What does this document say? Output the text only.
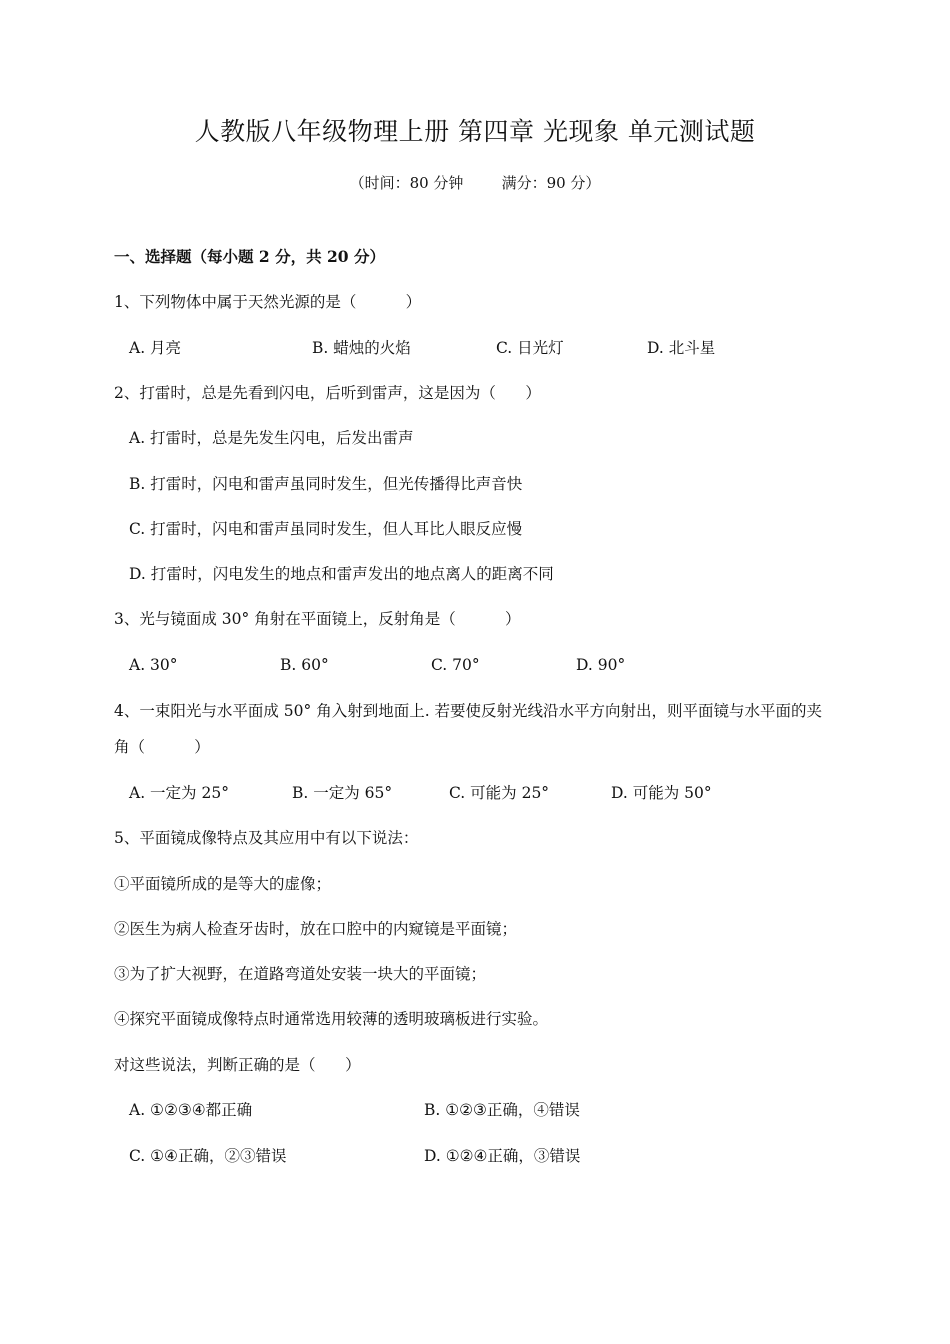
人教版八年级物理上册 第四章 光现象 单元测试题
（时间：80 分钟        满分：90 分）
一、选择题（每小题 2 分，共 20 分）
1、下列物体中属于天然光源的是（          ）
A. 月亮	B. 蜡烛的火焰	C. 日光灯	D. 北斗星
2、打雷时，总是先看到闪电，后听到雷声，这是因为（      ）
A. 打雷时，总是先发生闪电，后发出雷声
B. 打雷时，闪电和雷声虽同时发生，但光传播得比声音快
C. 打雷时，闪电和雷声虽同时发生，但人耳比人眼反应慢
D. 打雷时，闪电发生的地点和雷声发出的地点离人的距离不同
3、光与镜面成 30° 角射在平面镜上，反射角是（          ）
A. 30°	B. 60°	C. 70°	D. 90°
4、一束阳光与水平面成 50° 角入射到地面上. 若要使反射光线沿水平方向射出，则平面镜与水平面的夹
角（          ）
A. 一定为 25°	B. 一定为 65°	C. 可能为 25°	D. 可能为 50°
5、平面镜成像特点及其应用中有以下说法：
①平面镜所成的是等大的虚像；
②医生为病人检查牙齿时，放在口腔中的内窥镜是平面镜；
③为了扩大视野，在道路弯道处安装一块大的平面镜；
④探究平面镜成像特点时通常选用较薄的透明玻璃板进行实验。
对这些说法，判断正确的是（      ）
A. ①②③④都正确	B. ①②③正确，④错误
C. ①④正确，②③错误	D. ①②④正确，③错误
